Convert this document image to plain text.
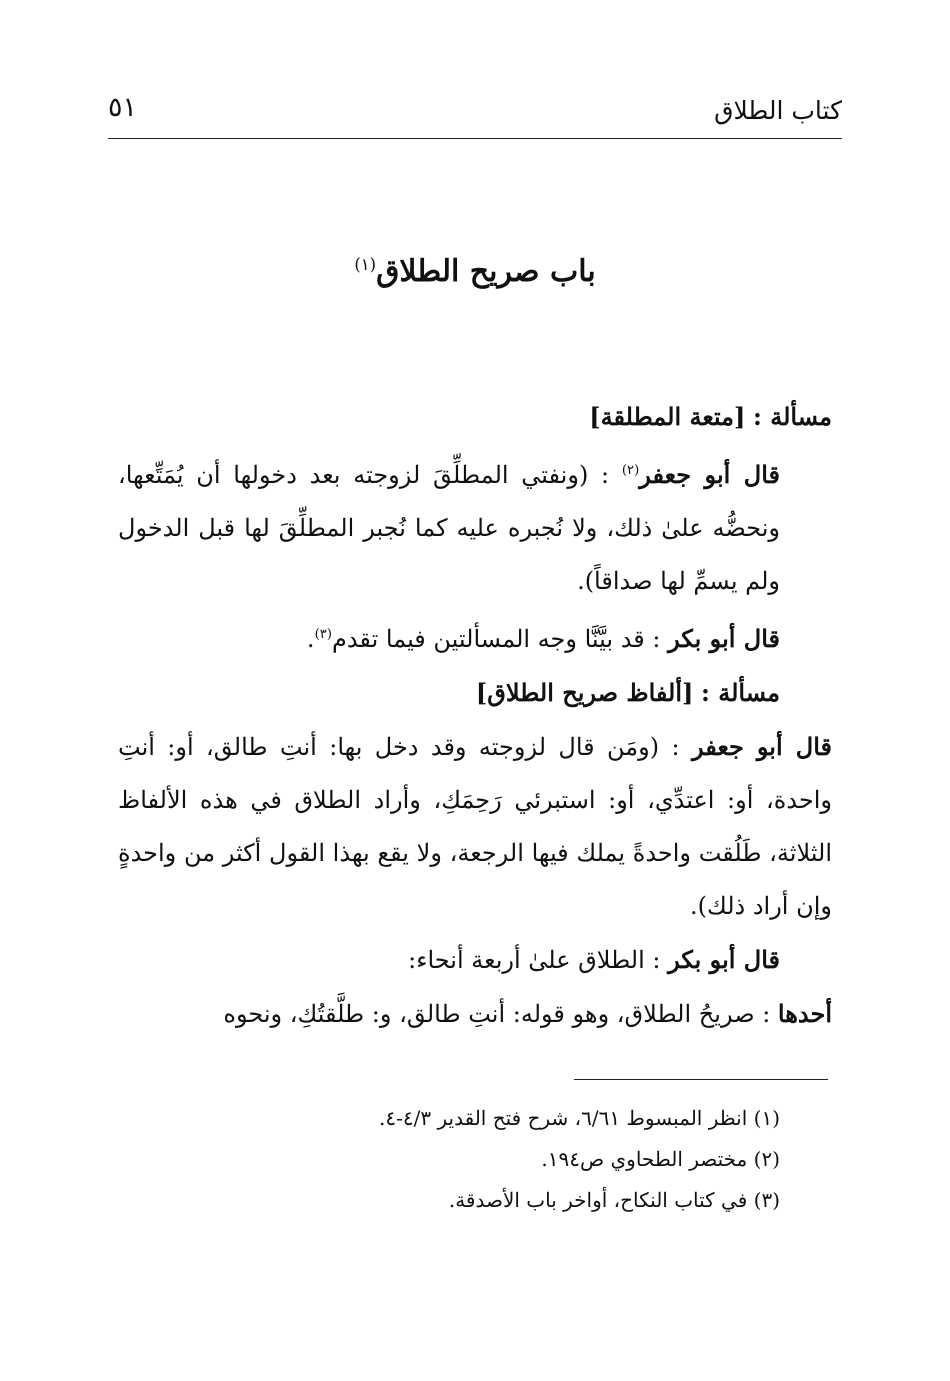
كتاب الطلاق
٥١
باب صريح الطلاق$^{(١)}$

مسألة : [متعة المطلقة]

قال أبو جعفر$^{(٢)}$ : (ونفتي المطلِّقَ لزوجته بعد دخولها أن يُمَتِّعها، ونحضُّه علىٰ ذلك، ولا نُجبره عليه كما نُجبر المطلِّقَ لها قبل الدخول ولم يسمِّ لها صداقاً).

قال أبو بكر : قد بيَّنَّا وجه المسألتين فيما تقدم$^{(٣)}$.

مسألة : [ألفاظ صريح الطلاق]

قال أبو جعفر : (ومَن قال لزوجته وقد دخل بها: أنتِ طالق، أو: أنتِ واحدة، أو: اعتدِّي، أو: استبرئي رَحِمَكِ، وأراد الطلاق في هذه الألفاظ الثلاثة، طَلُقت واحدةً يملك فيها الرجعة، ولا يقع بهذا القول أكثر من واحدةٍ وإن أراد ذلك).

قال أبو بكر : الطلاق علىٰ أربعة أنحاء:

أحدها : صريحُ الطلاق، وهو قوله: أنتِ طالق، و: طلَّقتُكِ، ونحوه

(١) انظر المبسوط ٦/٦١، شرح فتح القدير ٤/٣-٤.

(٢) مختصر الطحاوي ص١٩٤.

(٣) في كتاب النكاح، أواخر باب الأصدقة.
